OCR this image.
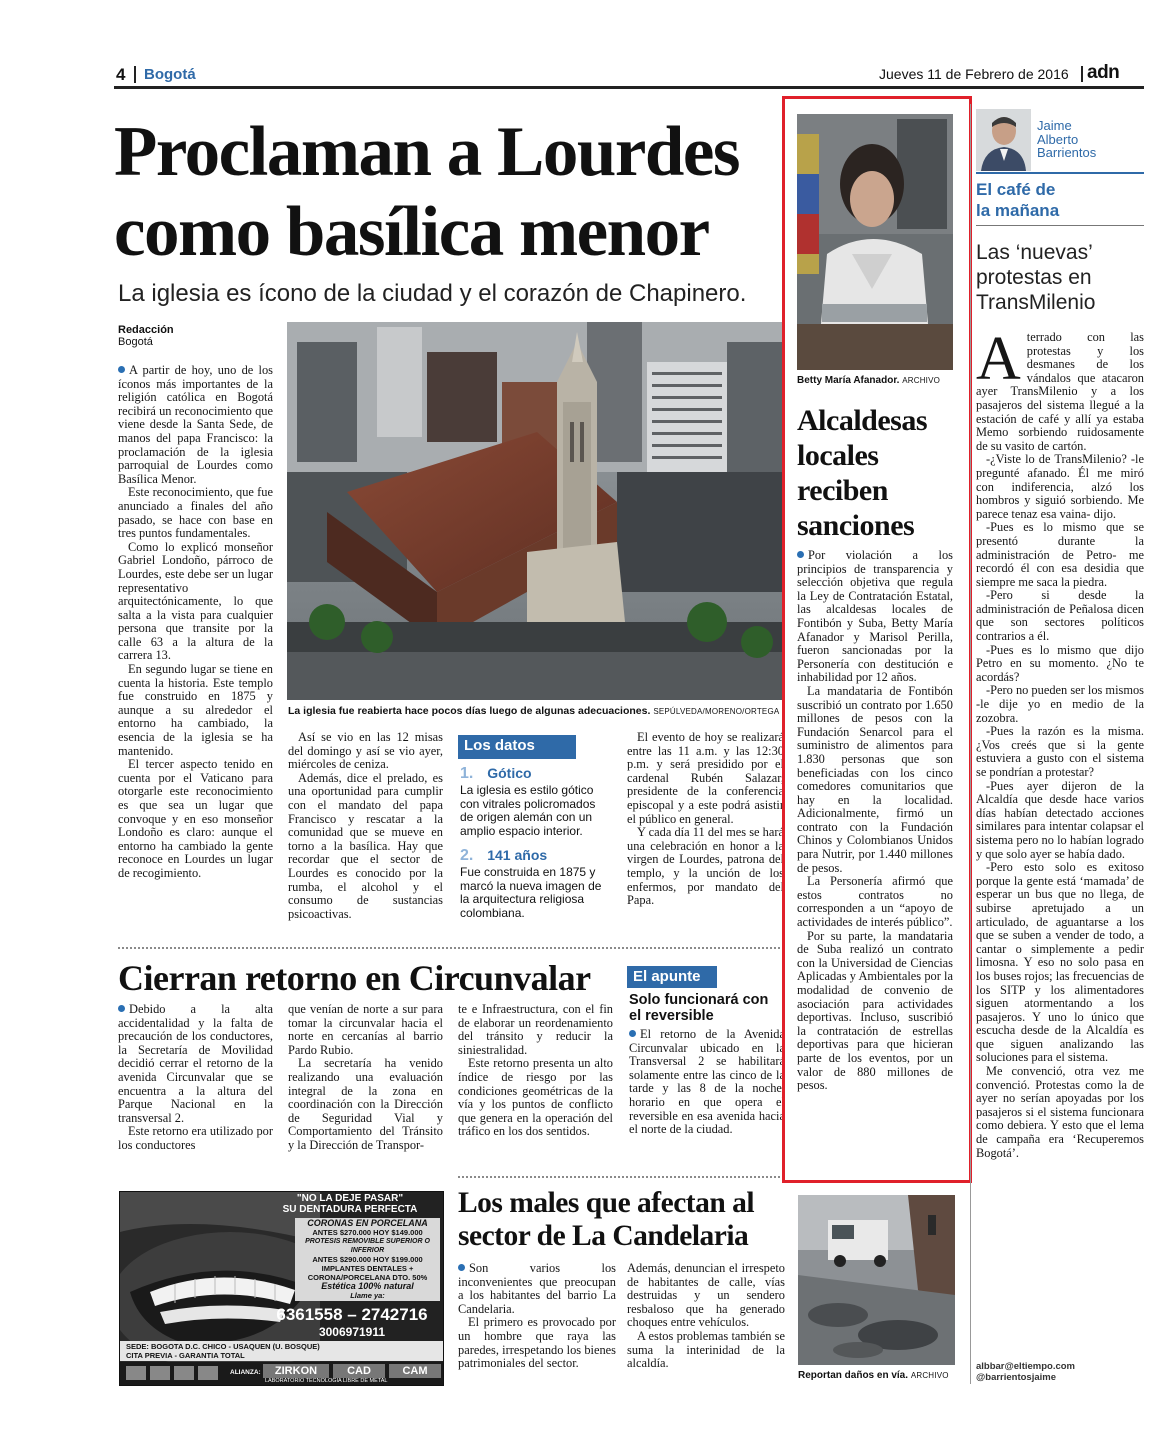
4 Bogotá	Jueves 11 de Febrero de 2016 adn
Proclaman a Lourdes
como basílica menor
La iglesia es ícono de la ciudad y el corazón de Chapinero.
Redacción
Bogotá

A partir de hoy, uno de los íconos más importantes de la religión católica en Bogotá recibirá un reconocimiento que viene desde la Santa Sede, de manos del papa Francisco: la proclamación de la iglesia parroquial de Lourdes como Basílica Menor.

Este reconocimiento, que fue anunciado a finales del año pasado, se hace con base en tres puntos fundamentales.

Como lo explicó monseñor Gabriel Londoño, párroco de Lourdes, este debe ser un lugar representativo arquitectónicamente, lo que salta a la vista para cualquier persona que transite por la calle 63 a la altura de la carrera 13.

En segundo lugar se tiene en cuenta la historia. Este templo fue construido en 1875 y aunque a su alrededor el entorno ha cambiado, la esencia de la iglesia se ha mantenido.

El tercer aspecto tenido en cuenta por el Vaticano para otorgarle este reconocimiento es que sea un lugar que convoque y en eso monseñor Londoño es claro: aunque el entorno ha cambiado la gente reconoce en Lourdes un lugar de recogimiento.

La iglesia fue reabierta hace pocos días luego de algunas adecuaciones. SEPÚLVEDA/MORENO/ORTEGA

Así se vio en las 12 misas del domingo y así se vio ayer, miércoles de ceniza.

Además, dice el prelado, es una oportunidad para cumplir con el mandato del papa Francisco y rescatar a la comunidad que se mueve en torno a la basílica. Hay que recordar que el sector de Lourdes es conocido por la rumba, el alcohol y el consumo de sustancias psicoactivas.

Los datos
1. Gótico
La iglesia es estilo gótico con vitrales policromados de origen alemán con un amplio espacio interior.
2. 141 años
Fue construida en 1875 y marcó la nueva imagen de la arquitectura religiosa colombiana.

El evento de hoy se realizará entre las 11 a.m. y las 12:30 p.m. y será presidido por el cardenal Rubén Salazar, presidente de la conferencia episcopal y a este podrá asistir el público en general.

Y cada día 11 del mes se hará una celebración en honor a la virgen de Lourdes, patrona del templo, y la unción de los enfermos, por mandato del Papa.

Cierran retorno en Circunvalar

Debido a la alta accidentalidad y la falta de precaución de los conductores, la Secretaría de Movilidad decidió cerrar el retorno de la avenida Circunvalar que se encuentra a la altura del Parque Nacional en la transversal 2.

Este retorno era utilizado por los conductores

que venían de norte a sur para tomar la circunvalar hacia el norte en cercanías al barrio Pardo Rubio.

La secretaría ha venido realizando una evaluación integral de la zona en coordinación con la Dirección de Seguridad Vial y Comportamiento del Tránsito y la Dirección de Transpor-

te e Infraestructura, con el fin de elaborar un reordenamiento del tránsito y reducir la siniestralidad.

Este retorno presenta un alto índice de riesgo por las condiciones geométricas de la vía y los puntos de conflicto que genera en la operación del tráfico en los dos sentidos.

El apunte
Solo funcionará con el reversible

El retorno de la Avenida Circunvalar ubicado en la Transversal 2 se habilitará solamente entre las cinco de la tarde y las 8 de la noche, horario en que opera el reversible en esa avenida hacia el norte de la ciudad.

"NO LA DEJE PASAR"
SU DENTADURA PERFECTA
CORONAS EN PORCELANA
ANTES $270.000 HOY $149.000
PROTESIS REMOVIBLE SUPERIOR O INFERIOR
ANTES $290.000 HOY $199.000
IMPLANTES DENTALES +
CORONA/PORCELANA DTO. 50%
Estética 100% natural
Llame ya:
6361558 – 2742716
3006971911
SEDE: BOGOTA D.C. CHICO - USAQUEN (U. BOSQUE)
CITA PREVIA - GARANTIA TOTAL
ALIANZA:	ZIRKON	CAD	CAM
LABORATORIO TECNOLOGIA LIBRE DE METAL
Los males que afectan al
sector de La Candelaria

Son varios los inconvenientes que preocupan a los habitantes del barrio La Candelaria.

El primero es provocado por un hombre que raya las paredes, irrespetando los bienes patrimoniales del sector.

Además, denuncian el irrespeto de habitantes de calle, vías destruidas y un sendero resbaloso que ha generado choques entre vehículos.

A estos problemas también se suma la interinidad de la alcaldía.

Betty María Afanador. ARCHIVO
Alcaldesas
locales
reciben
sanciones

Por violación a los principios de transparencia y selección objetiva que regula la Ley de Contratación Estatal, las alcaldesas locales de Fontibón y Suba, Betty María Afanador y Marisol Perilla, fueron sancionadas por la Personería con destitución e inhabilidad por 12 años.

La mandataria de Fontibón suscribió un contrato por 1.650 millones de pesos con la Fundación Senarcol para el suministro de alimentos para 1.830 personas que son beneficiadas con los cinco comedores comunitarios que hay en la localidad. Adicionalmente, firmó un contrato con la Fundación Chinos y Colombianos Unidos para Nutrir, por 1.440 millones de pesos.

La Personería afirmó que estos contratos no corresponden a un “apoyo de actividades de interés público”.

Por su parte, la mandataria de Suba realizó un contrato con la Universidad de Ciencias Aplicadas y Ambientales por la modalidad de convenio de asociación para actividades deportivas. Incluso, suscribió la contratación de estrellas deportivas para que hicieran parte de los eventos, por un valor de 880 millones de pesos.

Reportan daños en vía. ARCHIVO
Jaime
Alberto
Barrientos
El café de
la mañana
Las ‘nuevas’
protestas en
TransMilenio

Aterrado con las protestas y los desmanes de los vándalos que atacaron ayer TransMilenio y a los pasajeros del sistema llegué a la estación de café y allí ya estaba Memo sorbiendo ruidosamente de su vasito de cartón.

-¿Viste lo de TransMilenio? -le pregunté afanado. Él me miró con indiferencia, alzó los hombros y siguió sorbiendo. Me parece tenaz esa vaina- dijo.

-Pues es lo mismo que se presentó durante la administración de Petro- me recordó él con esa desidia que siempre me saca la piedra.

-Pero si desde la administración de Peñalosa dicen que son sectores políticos contrarios a él.

-Pues es lo mismo que dijo Petro en su momento. ¿No te acordás?

-Pero no pueden ser los mismos -le dije yo en medio de la zozobra.

-Pues la razón es la misma. ¿Vos creés que si la gente estuviera a gusto con el sistema se pondrían a protestar?

-Pues ayer dijeron de la Alcaldía que desde hace varios días habían detectado acciones similares para intentar colapsar el sistema pero no lo habían logrado y que solo ayer se había dado.

-Pero esto solo es exitoso porque la gente está ‘mamada’ de esperar un bus que no llega, de subirse apretujado a un articulado, de aguantarse a los que se suben a vender de todo, a cantar o simplemente a pedir limosna. Y eso no solo pasa en los buses rojos; las frecuencias de los SITP y los alimentadores siguen atormentando a los pasajeros. Y uno lo único que escucha desde de la Alcaldía es que siguen analizando las soluciones para el sistema.

Me convenció, otra vez me convenció. Protestas como la de ayer no serían apoyadas por los pasajeros si el sistema funcionara como debiera. Y esto que el lema de campaña era ‘Recuperemos Bogotá’.

albbar@eltiempo.com
@barrientosjaime
